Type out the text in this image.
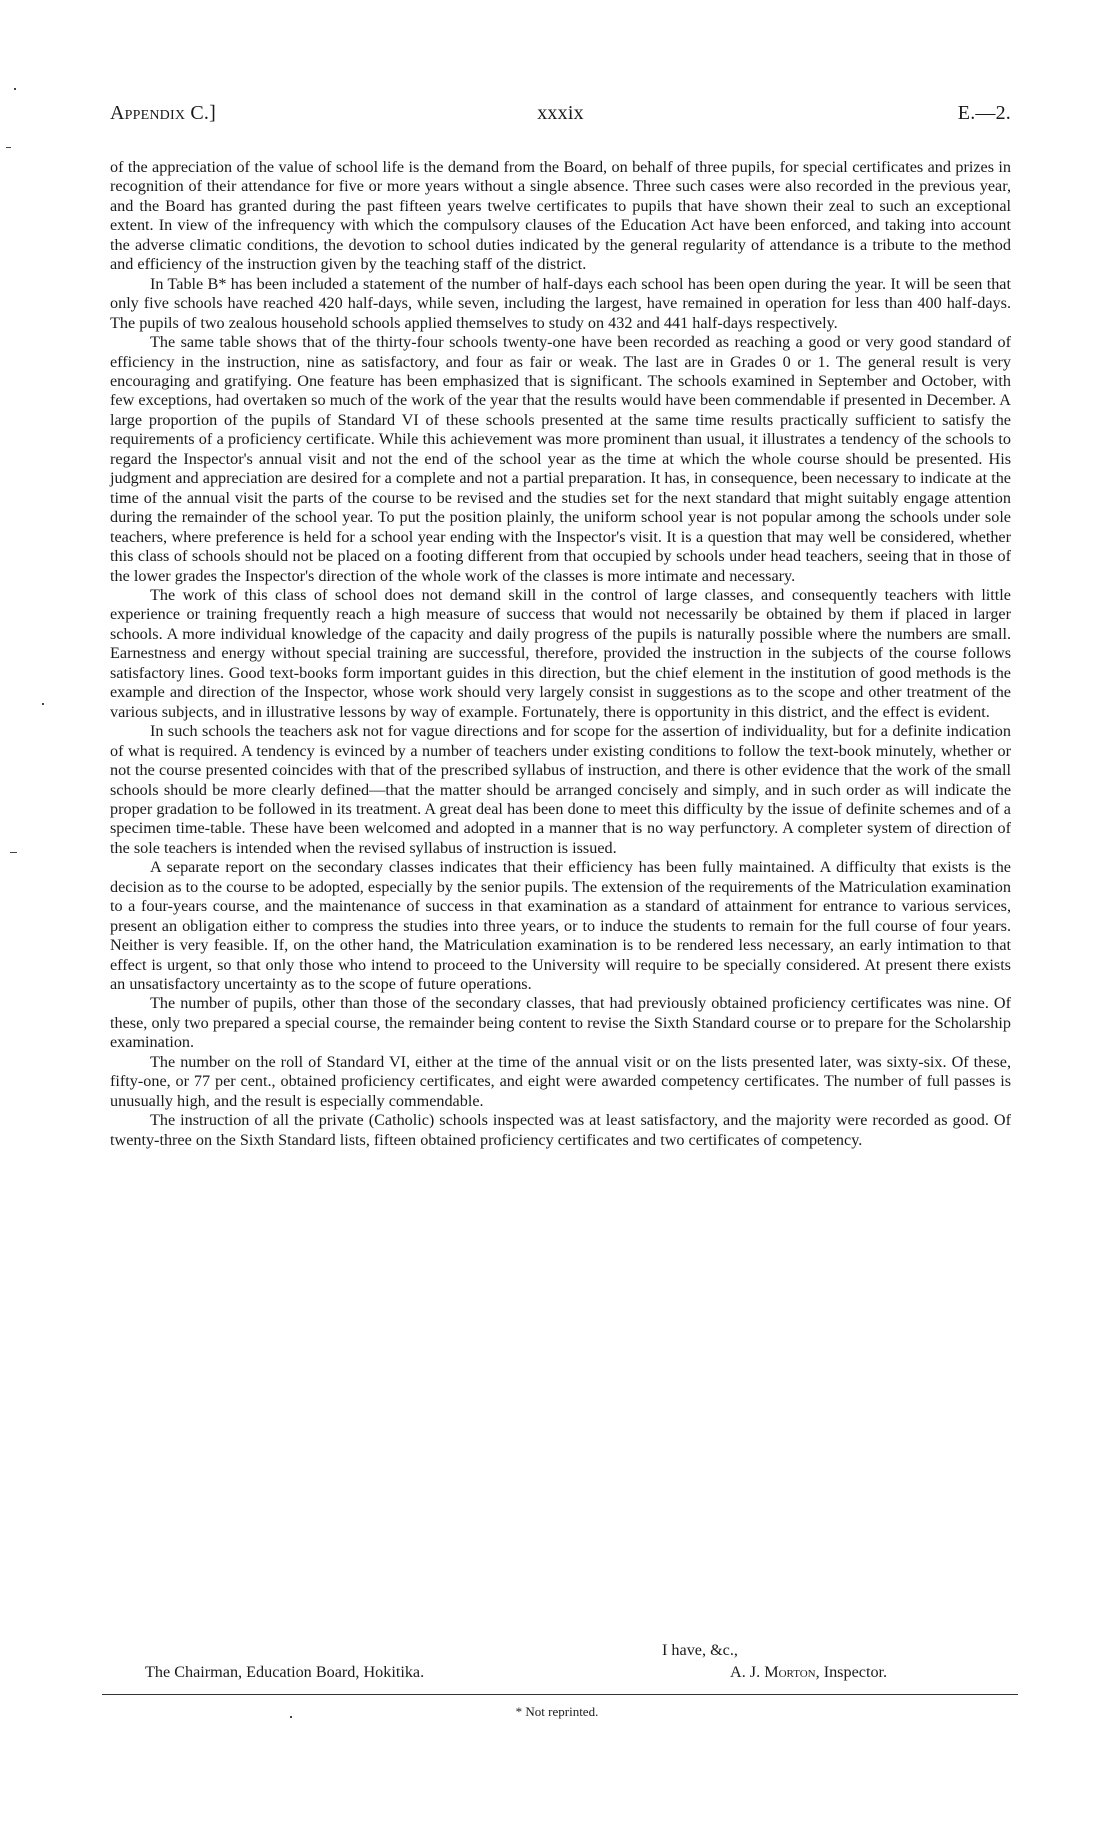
Appendix C.]	xxxix	E.—2.

of the appreciation of the value of school life is the demand from the Board, on behalf of three pupils, for special certificates and prizes in recognition of their attendance for five or more years without a single absence. Three such cases were also recorded in the previous year, and the Board has granted during the past fifteen years twelve certificates to pupils that have shown their zeal to such an exceptional extent. In view of the infrequency with which the compulsory clauses of the Education Act have been enforced, and taking into account the adverse climatic conditions, the devotion to school duties indicated by the general regularity of attendance is a tribute to the method and efficiency of the instruction given by the teaching staff of the district.

In Table B* has been included a statement of the number of half-days each school has been open during the year. It will be seen that only five schools have reached 420 half-days, while seven, including the largest, have remained in operation for less than 400 half-days. The pupils of two zealous household schools applied themselves to study on 432 and 441 half-days respectively.

The same table shows that of the thirty-four schools twenty-one have been recorded as reaching a good or very good standard of efficiency in the instruction, nine as satisfactory, and four as fair or weak. The last are in Grades 0 or 1. The general result is very encouraging and gratifying. One feature has been emphasized that is significant. The schools examined in September and October, with few exceptions, had overtaken so much of the work of the year that the results would have been commendable if presented in December. A large proportion of the pupils of Standard VI of these schools presented at the same time results practically sufficient to satisfy the requirements of a proficiency certificate. While this achievement was more prominent than usual, it illustrates a tendency of the schools to regard the Inspector's annual visit and not the end of the school year as the time at which the whole course should be presented. His judgment and appreciation are desired for a complete and not a partial preparation. It has, in consequence, been necessary to indicate at the time of the annual visit the parts of the course to be revised and the studies set for the next standard that might suitably engage attention during the remainder of the school year. To put the position plainly, the uniform school year is not popular among the schools under sole teachers, where preference is held for a school year ending with the Inspector's visit. It is a question that may well be considered, whether this class of schools should not be placed on a footing different from that occupied by schools under head teachers, seeing that in those of the lower grades the Inspector's direction of the whole work of the classes is more intimate and necessary.

The work of this class of school does not demand skill in the control of large classes, and consequently teachers with little experience or training frequently reach a high measure of success that would not necessarily be obtained by them if placed in larger schools. A more individual knowledge of the capacity and daily progress of the pupils is naturally possible where the numbers are small. Earnestness and energy without special training are successful, therefore, provided the instruction in the subjects of the course follows satisfactory lines. Good text-books form important guides in this direction, but the chief element in the institution of good methods is the example and direction of the Inspector, whose work should very largely consist in suggestions as to the scope and other treatment of the various subjects, and in illustrative lessons by way of example. Fortunately, there is opportunity in this district, and the effect is evident.

In such schools the teachers ask not for vague directions and for scope for the assertion of individuality, but for a definite indication of what is required. A tendency is evinced by a number of teachers under existing conditions to follow the text-book minutely, whether or not the course presented coincides with that of the prescribed syllabus of instruction, and there is other evidence that the work of the small schools should be more clearly defined—that the matter should be arranged concisely and simply, and in such order as will indicate the proper gradation to be followed in its treatment. A great deal has been done to meet this difficulty by the issue of definite schemes and of a specimen time-table. These have been welcomed and adopted in a manner that is no way perfunctory. A completer system of direction of the sole teachers is intended when the revised syllabus of instruction is issued.

A separate report on the secondary classes indicates that their efficiency has been fully maintained. A difficulty that exists is the decision as to the course to be adopted, especially by the senior pupils. The extension of the requirements of the Matriculation examination to a four-years course, and the maintenance of success in that examination as a standard of attainment for entrance to various services, present an obligation either to compress the studies into three years, or to induce the students to remain for the full course of four years. Neither is very feasible. If, on the other hand, the Matriculation examination is to be rendered less necessary, an early intimation to that effect is urgent, so that only those who intend to proceed to the University will require to be specially considered. At present there exists an unsatisfactory uncertainty as to the scope of future operations.

The number of pupils, other than those of the secondary classes, that had previously obtained proficiency certificates was nine. Of these, only two prepared a special course, the remainder being content to revise the Sixth Standard course or to prepare for the Scholarship examination.

The number on the roll of Standard VI, either at the time of the annual visit or on the lists presented later, was sixty-six. Of these, fifty-one, or 77 per cent., obtained proficiency certificates, and eight were awarded competency certificates. The number of full passes is unusually high, and the result is especially commendable.

The instruction of all the private (Catholic) schools inspected was at least satisfactory, and the majority were recorded as good. Of twenty-three on the Sixth Standard lists, fifteen obtained proficiency certificates and two certificates of competency.

I have, &c.,
The Chairman, Education Board, Hokitika.	A. J. Morton, Inspector.
* Not reprinted.
